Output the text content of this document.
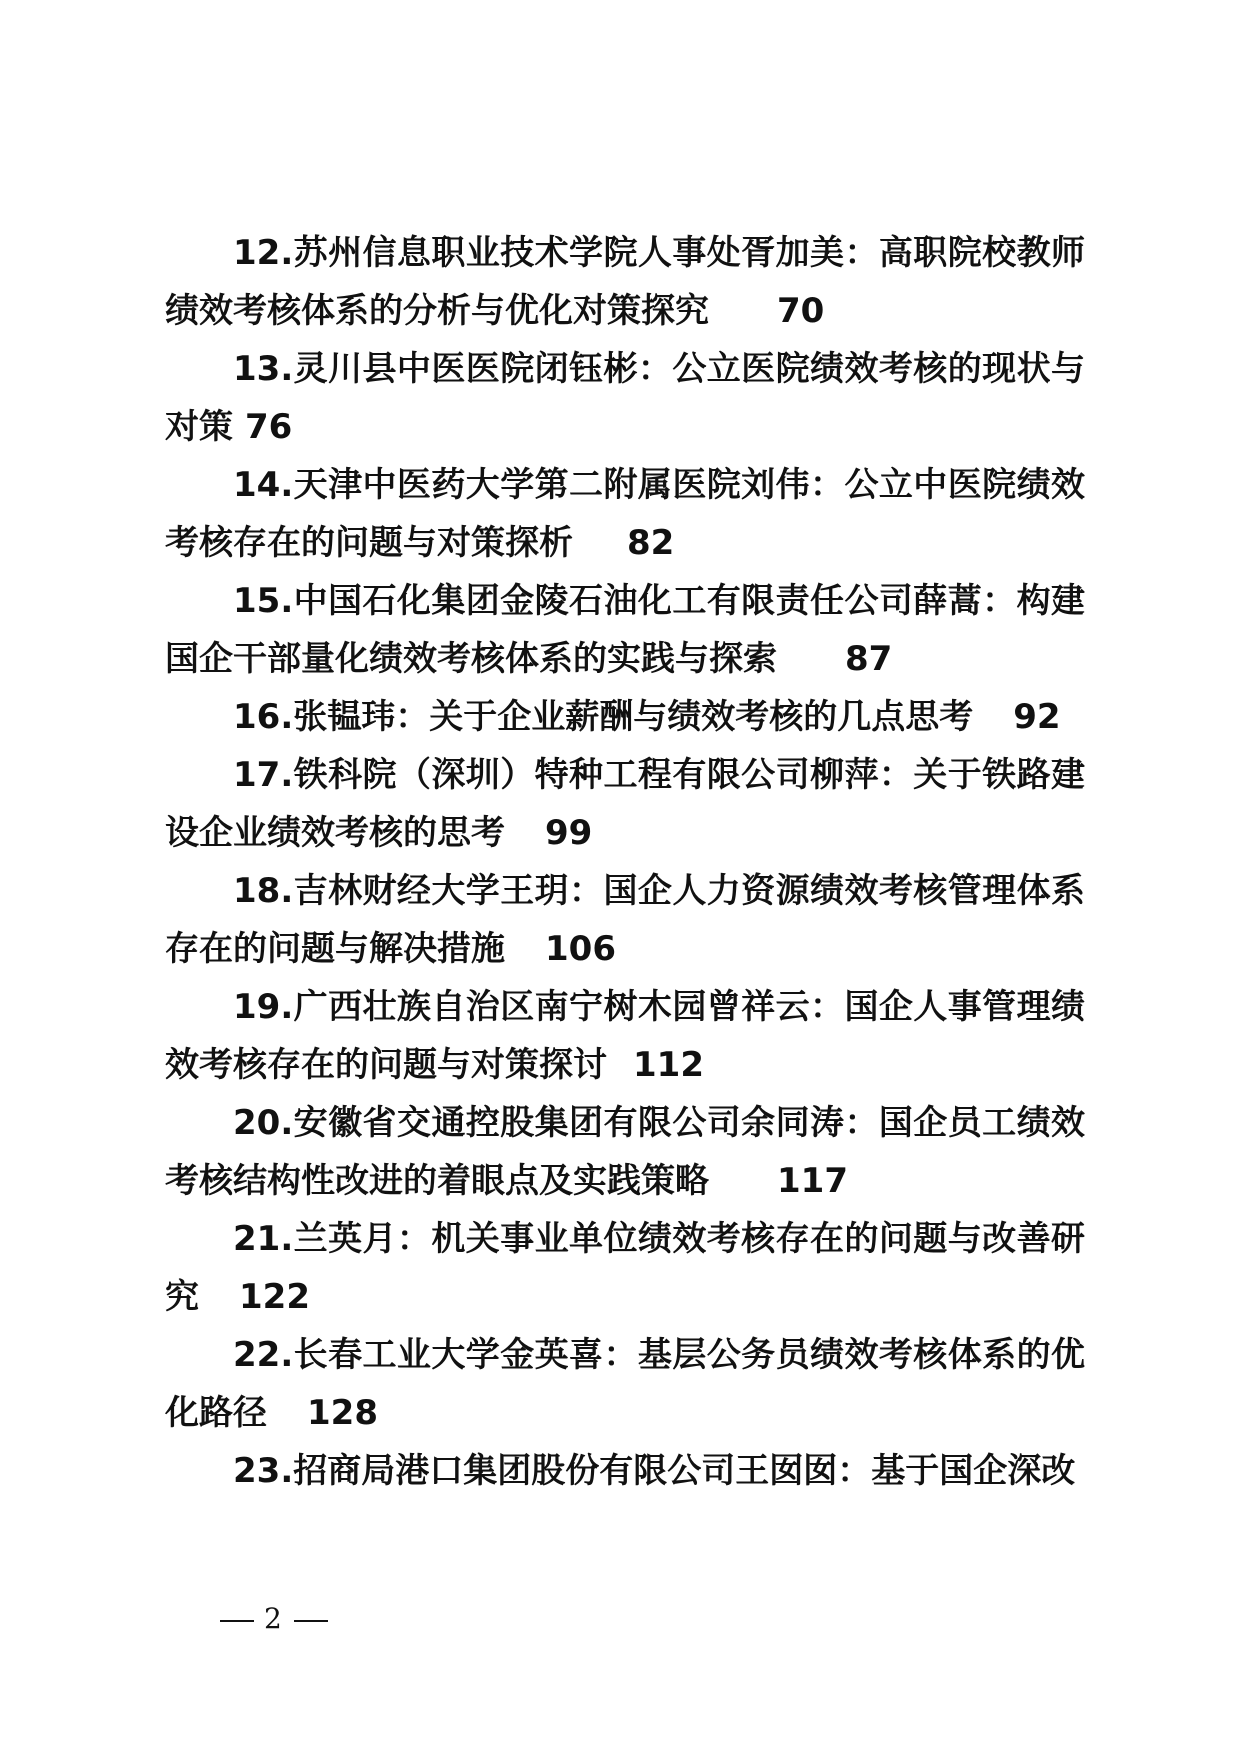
12.苏州信息职业技术学院人事处胥加美：高职院校教师绩效考核体系的分析与优化对策探究 70

13.灵川县中医医院闭钰彬：公立医院绩效考核的现状与对策 76

14.天津中医药大学第二附属医院刘伟：公立中医院绩效考核存在的问题与对策探析 82

15.中国石化集团金陵石油化工有限责任公司薛蒿：构建国企干部量化绩效考核体系的实践与探索 87

16.张韫玮：关于企业薪酬与绩效考核的几点思考 92

17.铁科院（深圳）特种工程有限公司柳萍：关于铁路建设企业绩效考核的思考 99

18.吉林财经大学王玥：国企人力资源绩效考核管理体系存在的问题与解决措施 106

19.广西壮族自治区南宁树木园曾祥云：国企人事管理绩效考核存在的问题与对策探讨 112

20.安徽省交通控股集团有限公司余同涛：国企员工绩效考核结构性改进的着眼点及实践策略 117

21.兰英月：机关事业单位绩效考核存在的问题与改善研究 122

22.长春工业大学金英喜：基层公务员绩效考核体系的优化路径 128

23.招商局港口集团股份有限公司王囡囡：基于国企深改

2
